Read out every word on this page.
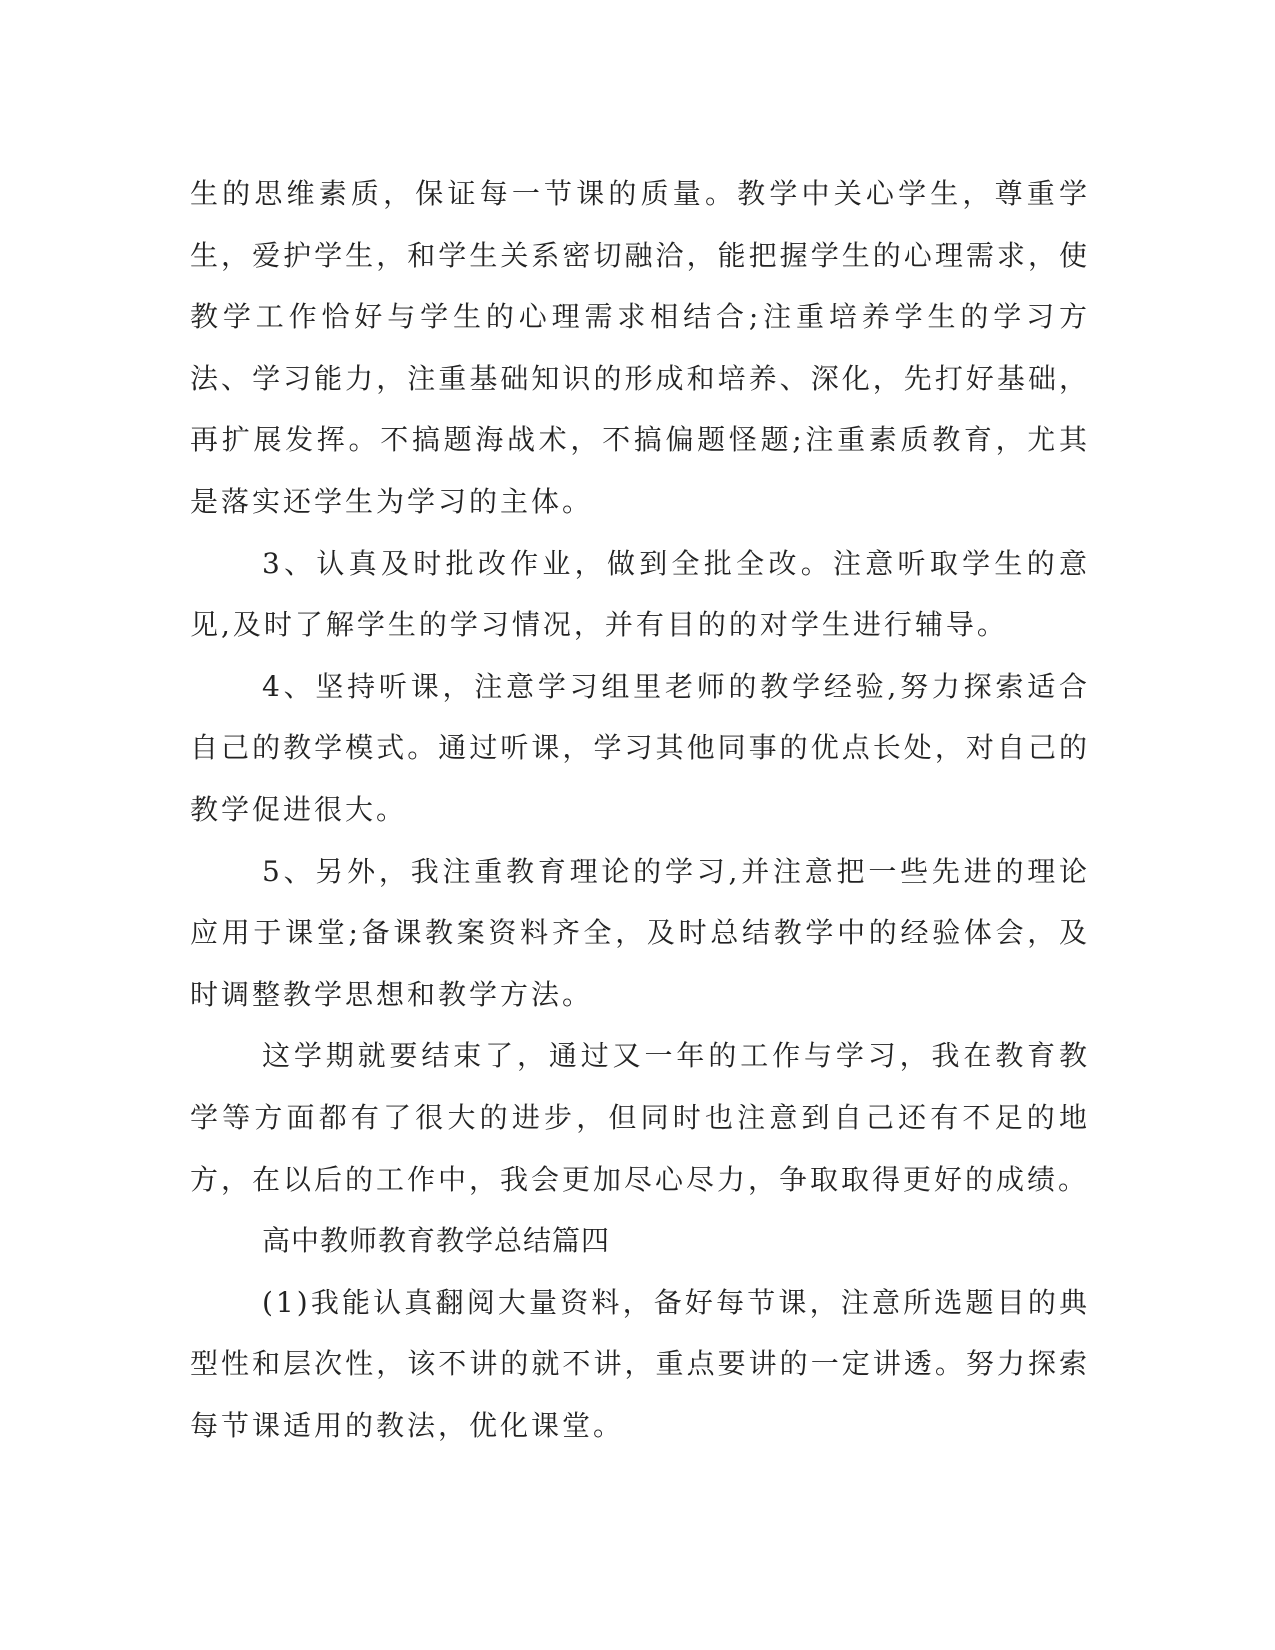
生的思维素质，保证每一节课的质量。教学中关心学生，尊重学生，爱护学生，和学生关系密切融洽，能把握学生的心理需求，使教学工作恰好与学生的心理需求相结合;注重培养学生的学习方法、学习能力，注重基础知识的形成和培养、深化，先打好基础，再扩展发挥。不搞题海战术，不搞偏题怪题;注重素质教育，尤其是落实还学生为学习的主体。

3、认真及时批改作业，做到全批全改。注意听取学生的意见,及时了解学生的学习情况，并有目的的对学生进行辅导。

4、坚持听课，注意学习组里老师的教学经验,努力探索适合自己的教学模式。通过听课，学习其他同事的优点长处，对自己的教学促进很大。

5、另外，我注重教育理论的学习,并注意把一些先进的理论应用于课堂;备课教案资料齐全，及时总结教学中的经验体会，及时调整教学思想和教学方法。

这学期就要结束了，通过又一年的工作与学习，我在教育教学等方面都有了很大的进步，但同时也注意到自己还有不足的地方，在以后的工作中，我会更加尽心尽力，争取取得更好的成绩。

高中教师教育教学总结篇四

(1)我能认真翻阅大量资料，备好每节课，注意所选题目的典型性和层次性，该不讲的就不讲，重点要讲的一定讲透。努力探索每节课适用的教法，优化课堂。
